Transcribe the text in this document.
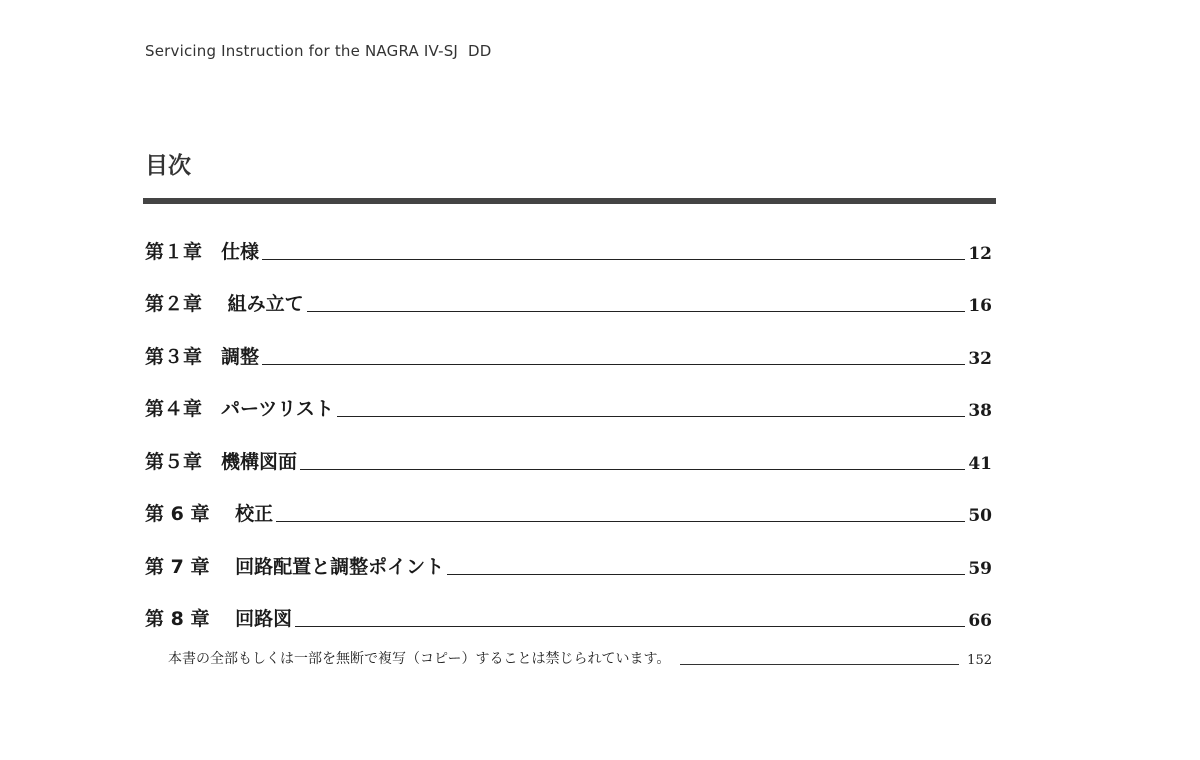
Servicing Instruction for the NAGRA IV-SJ  DD
目次
第１章　仕様	12
第２章　 組み立て	16
第３章　調整	32
第４章　パーツリスト	38
第５章　機構図面	41
第 6 章　 校正	50
第 7 章　 回路配置と調整ポイント	59
第 8 章　 回路図	66
本書の全部もしくは一部を無断で複写（コピー）することは禁じられています。	152
